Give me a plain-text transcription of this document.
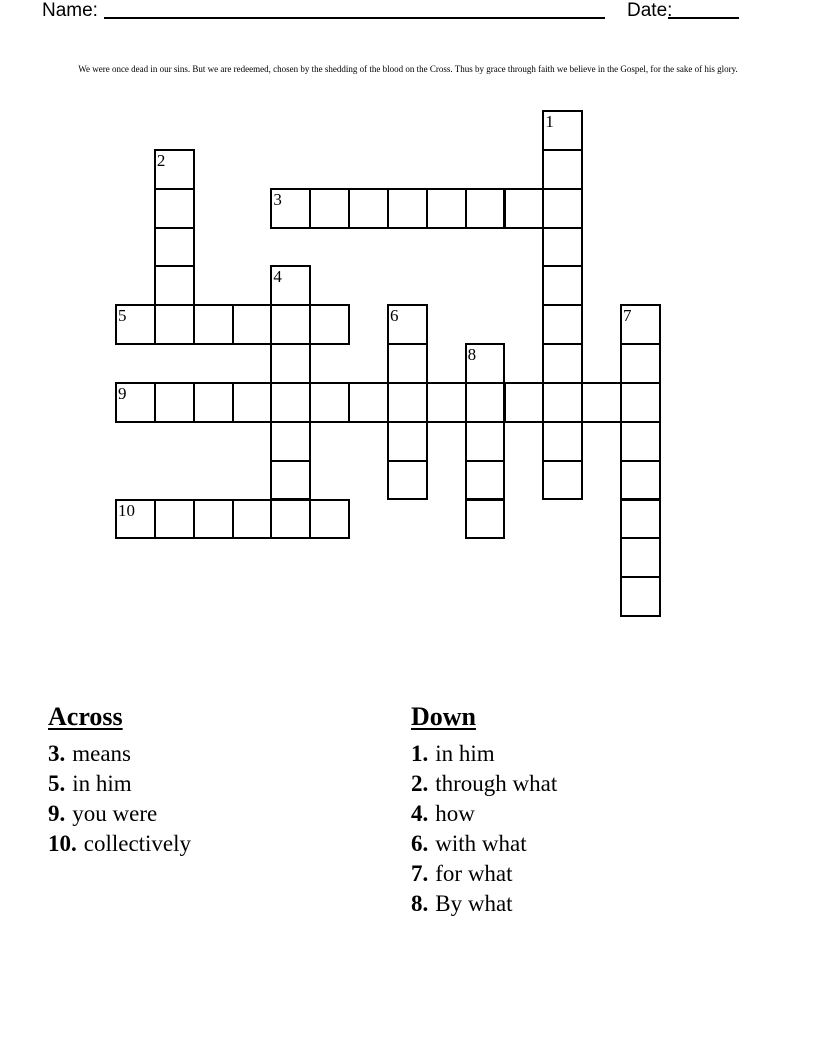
Name:	Date:
We were once dead in our sins. But we are redeemed, chosen by the shedding of the blood on the Cross. Thus by grace through faith we believe in the Gospel, for the sake of his glory.
1
2
3
4
5	6	7
8
9
10
Across
3. means
5. in him
9. you were
10. collectively
Down
1. in him
2. through what
4. how
6. with what
7. for what
8. By what
